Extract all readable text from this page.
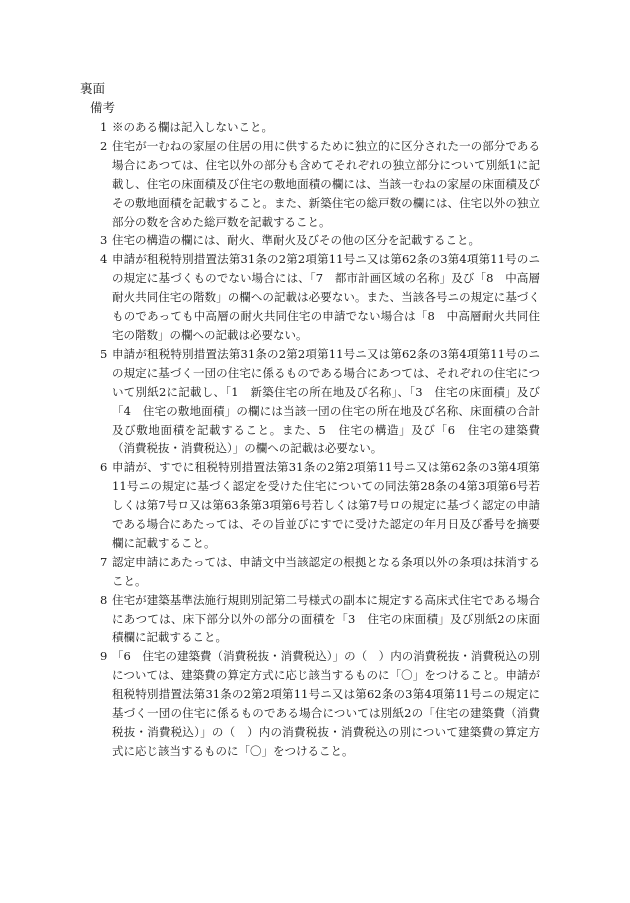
裏面
備考
1 ※のある欄は記入しないこと。
2 住宅が一むねの家屋の住居の用に供するために独立的に区分された一の部分である場合にあつては、住宅以外の部分も含めてそれぞれの独立部分について別紙1に記載し、住宅の床面積及び住宅の敷地面積の欄には、当該一むねの家屋の床面積及びその敷地面積を記載すること。また、新築住宅の総戸数の欄には、住宅以外の独立部分の数を含めた総戸数を記載すること。
3 住宅の構造の欄には、耐火、準耐火及びその他の区分を記載すること。
4 申請が租税特別措置法第31条の2第2項第11号ニ又は第62条の3第4項第11号のニの規定に基づくものでない場合には、「7　都市計画区域の名称」及び「8　中高層耐火共同住宅の階数」の欄への記載は必要ない。また、当該各号ニの規定に基づくものであっても中高層の耐火共同住宅の申請でない場合は「8　中高層耐火共同住宅の階数」の欄への記載は必要ない。
5 申請が租税特別措置法第31条の2第2項第11号ニ又は第62条の3第4項第11号のニの規定に基づく一団の住宅に係るものである場合にあつては、それぞれの住宅について別紙2に記載し、「1　新築住宅の所在地及び名称」、「3　住宅の床面積」及び「4　住宅の敷地面積」の欄には当該一団の住宅の所在地及び名称、床面積の合計及び敷地面積を記載すること。また、5　住宅の構造」及び「6　住宅の建築費（消費税抜・消費税込）」の欄への記載は必要ない。
6 申請が、すでに租税特別措置法第31条の2第2項第11号ニ又は第62条の3第4項第11号ニの規定に基づく認定を受けた住宅についての同法第28条の4第3項第6号若しくは第7号ロ又は第63条第3項第6号若しくは第7号ロの規定に基づく認定の申請である場合にあたっては、その旨並びにすでに受けた認定の年月日及び番号を摘要欄に記載すること。
7 認定申請にあたっては、申請文中当該認定の根拠となる条項以外の条項は抹消すること。
8 住宅が建築基準法施行規則別記第二号様式の副本に規定する高床式住宅である場合にあつては、床下部分以外の部分の面積を「3　住宅の床面積」及び別紙2の床面積欄に記載すること。
9 「6　住宅の建築費（消費税抜・消費税込）」の（　）内の消費税抜・消費税込の別については、建築費の算定方式に応じ該当するものに「〇」をつけること。申請が租税特別措置法第31条の2第2項第11号ニ又は第62条の3第4項第11号ニの規定に基づく一団の住宅に係るものである場合については別紙2の「住宅の建築費（消費税抜・消費税込）」の（　）内の消費税抜・消費税込の別について建築費の算定方式に応じ該当するものに「〇」をつけること。
